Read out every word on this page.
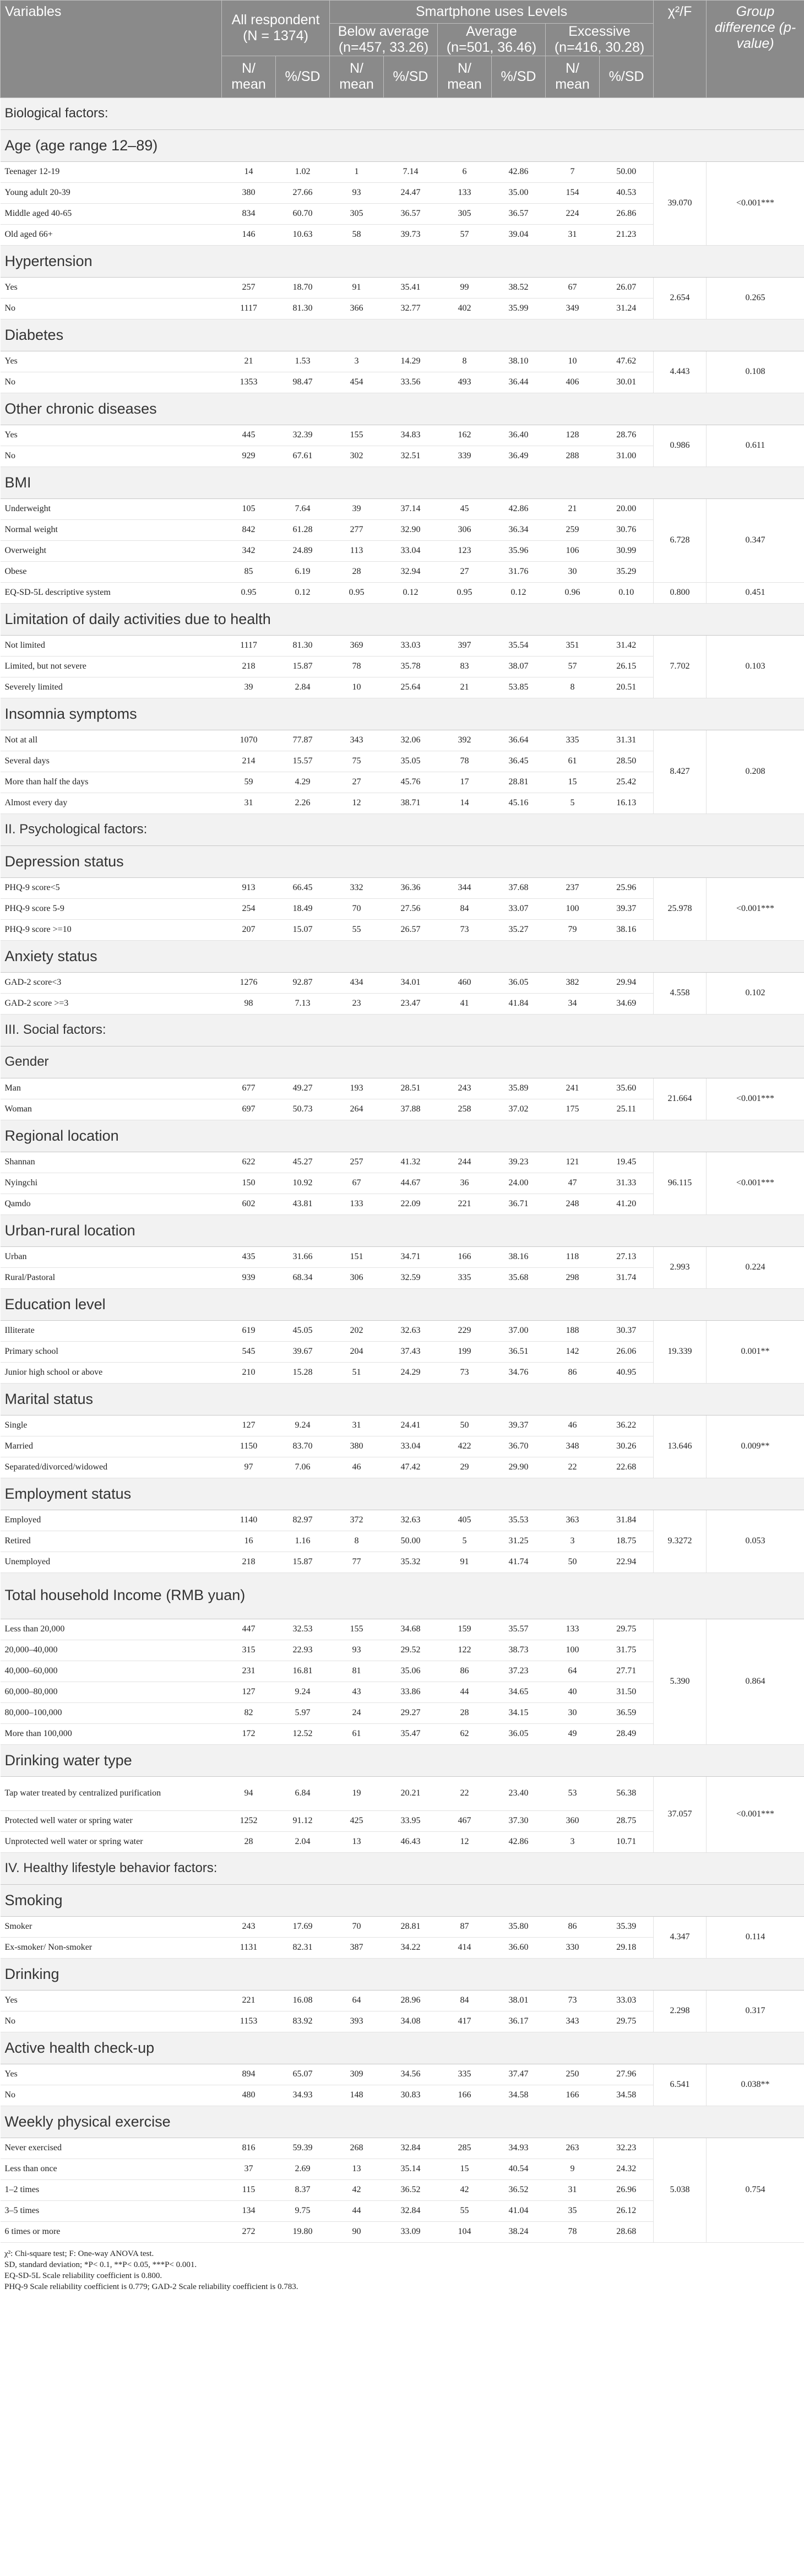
Variables	All respondent (N = 1374)		Smartphone uses Levels						χ²/F	Group difference (p-value)
			Below average (n=457, 33.26)		Average (n=501, 36.46)		Excessive (n=416, 30.28)			
	N/ mean	%/SD	N/ mean	%/SD	N/ mean	%/SD	N/ mean	%/SD		
Biological factors:										
Age (age range 12–89)										
Teenager 12-19	14	1.02	1	7.14	6	42.86	7	50.00	39.070	<0.001***
Young adult 20-39	380	27.66	93	24.47	133	35.00	154	40.53		
Middle aged 40-65	834	60.70	305	36.57	305	36.57	224	26.86		
Old aged 66+	146	10.63	58	39.73	57	39.04	31	21.23		
Hypertension										
Yes	257	18.70	91	35.41	99	38.52	67	26.07	2.654	0.265
No	1117	81.30	366	32.77	402	35.99	349	31.24		
Diabetes										
Yes	21	1.53	3	14.29	8	38.10	10	47.62	4.443	0.108
No	1353	98.47	454	33.56	493	36.44	406	30.01		
Other chronic diseases										
Yes	445	32.39	155	34.83	162	36.40	128	28.76	0.986	0.611
No	929	67.61	302	32.51	339	36.49	288	31.00		
BMI										
Underweight	105	7.64	39	37.14	45	42.86	21	20.00	6.728	0.347
Normal weight	842	61.28	277	32.90	306	36.34	259	30.76		
Overweight	342	24.89	113	33.04	123	35.96	106	30.99		
Obese	85	6.19	28	32.94	27	31.76	30	35.29		
EQ-SD-5L descriptive system	0.95	0.12	0.95	0.12	0.95	0.12	0.96	0.10	0.800	0.451
Limitation of daily activities due to health										
Not limited	1117	81.30	369	33.03	397	35.54	351	31.42	7.702	0.103
Limited, but not severe	218	15.87	78	35.78	83	38.07	57	26.15		
Severely limited	39	2.84	10	25.64	21	53.85	8	20.51		
Insomnia symptoms										
Not at all	1070	77.87	343	32.06	392	36.64	335	31.31	8.427	0.208
Several days	214	15.57	75	35.05	78	36.45	61	28.50		
More than half the days	59	4.29	27	45.76	17	28.81	15	25.42		
Almost every day	31	2.26	12	38.71	14	45.16	5	16.13		
II. Psychological factors:										
Depression status										
PHQ-9 score<5	913	66.45	332	36.36	344	37.68	237	25.96	25.978	<0.001***
PHQ-9 score 5-9	254	18.49	70	27.56	84	33.07	100	39.37		
PHQ-9 score >=10	207	15.07	55	26.57	73	35.27	79	38.16		
Anxiety status										
GAD-2 score<3	1276	92.87	434	34.01	460	36.05	382	29.94	4.558	0.102
GAD-2 score >=3	98	7.13	23	23.47	41	41.84	34	34.69		
III. Social factors:										
Gender										
Man	677	49.27	193	28.51	243	35.89	241	35.60	21.664	<0.001***
Woman	697	50.73	264	37.88	258	37.02	175	25.11		
Regional location										
Shannan	622	45.27	257	41.32	244	39.23	121	19.45	96.115	<0.001***
Nyingchi	150	10.92	67	44.67	36	24.00	47	31.33		
Qamdo	602	43.81	133	22.09	221	36.71	248	41.20		
Urban-rural location										
Urban	435	31.66	151	34.71	166	38.16	118	27.13	2.993	0.224
Rural/Pastoral	939	68.34	306	32.59	335	35.68	298	31.74		
Education level										
Illiterate	619	45.05	202	32.63	229	37.00	188	30.37	19.339	0.001**
Primary school	545	39.67	204	37.43	199	36.51	142	26.06		
Junior high school or above	210	15.28	51	24.29	73	34.76	86	40.95		
Marital status										
Single	127	9.24	31	24.41	50	39.37	46	36.22	13.646	0.009**
Married	1150	83.70	380	33.04	422	36.70	348	30.26		
Separated/divorced/widowed	97	7.06	46	47.42	29	29.90	22	22.68		
Employment status										
Employed	1140	82.97	372	32.63	405	35.53	363	31.84	9.3272	0.053
Retired	16	1.16	8	50.00	5	31.25	3	18.75		
Unemployed	218	15.87	77	35.32	91	41.74	50	22.94		
Total household Income (RMB yuan)										
Less than 20,000	447	32.53	155	34.68	159	35.57	133	29.75	5.390	0.864
20,000–40,000	315	22.93	93	29.52	122	38.73	100	31.75		
40,000–60,000	231	16.81	81	35.06	86	37.23	64	27.71		
60,000–80,000	127	9.24	43	33.86	44	34.65	40	31.50		
80,000–100,000	82	5.97	24	29.27	28	34.15	30	36.59		
More than 100,000	172	12.52	61	35.47	62	36.05	49	28.49		
Drinking water type										
Tap water treated by centralized purification	94	6.84	19	20.21	22	23.40	53	56.38	37.057	<0.001***
Protected well water or spring water	1252	91.12	425	33.95	467	37.30	360	28.75		
Unprotected well water or spring water	28	2.04	13	46.43	12	42.86	3	10.71		
IV. Healthy lifestyle behavior factors:										
Smoking										
Smoker	243	17.69	70	28.81	87	35.80	86	35.39	4.347	0.114
Ex-smoker/ Non-smoker	1131	82.31	387	34.22	414	36.60	330	29.18		
Drinking										
Yes	221	16.08	64	28.96	84	38.01	73	33.03	2.298	0.317
No	1153	83.92	393	34.08	417	36.17	343	29.75		
Active health check-up										
Yes	894	65.07	309	34.56	335	37.47	250	27.96	6.541	0.038**
No	480	34.93	148	30.83	166	34.58	166	34.58		
Weekly physical exercise										
Never exercised	816	59.39	268	32.84	285	34.93	263	32.23	5.038	0.754
Less than once	37	2.69	13	35.14	15	40.54	9	24.32		
1–2 times	115	8.37	42	36.52	42	36.52	31	26.96		
3–5 times	134	9.75	44	32.84	55	41.04	35	26.12		
6 times or more	272	19.80	90	33.09	104	38.24	78	28.68		
χ²: Chi-square test; F: One-way ANOVA test.
SD, standard deviation; *P< 0.1, **P< 0.05, ***P< 0.001.
EQ-SD-5L Scale reliability coefficient is 0.800.
PHQ-9 Scale reliability coefficient is 0.779; GAD-2 Scale reliability coefficient is 0.783.
